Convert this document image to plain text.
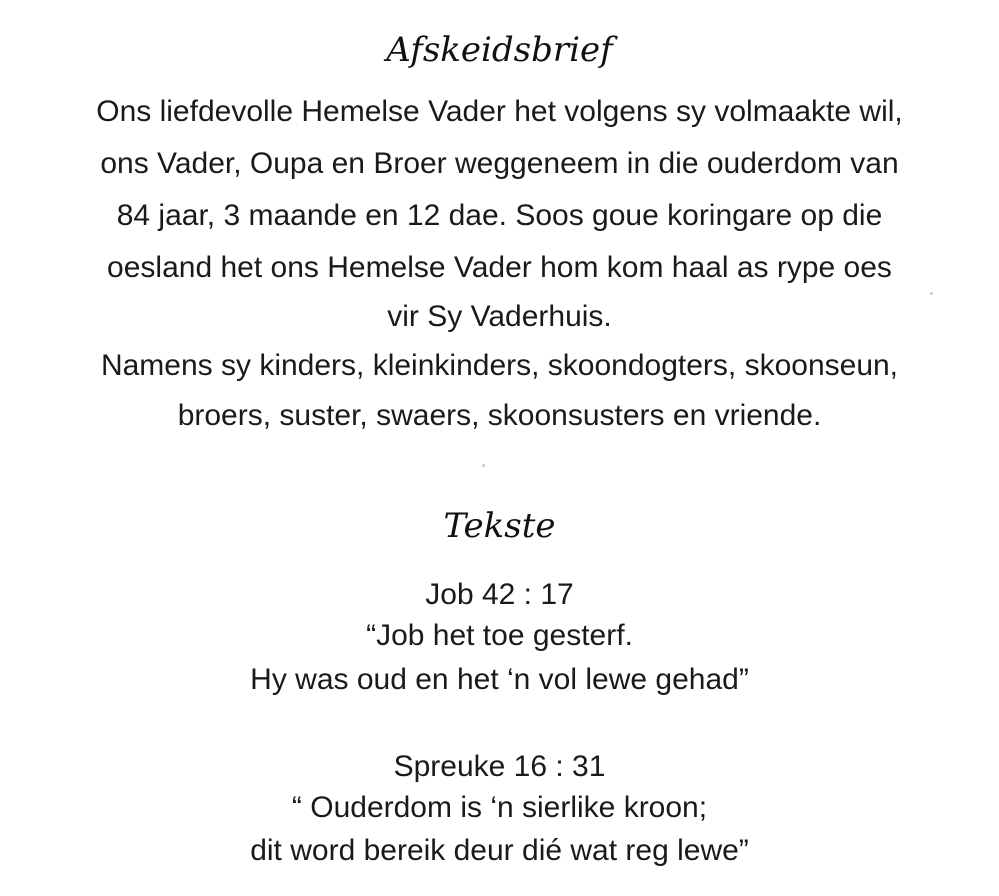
Afskeidsbrief
Ons liefdevolle Hemelse Vader het volgens sy volmaakte wil,
ons Vader, Oupa en Broer weggeneem in die ouderdom van
84 jaar, 3 maande en 12 dae. Soos goue koringare op die
oesland het ons Hemelse Vader hom kom haal as rype oes
vir Sy Vaderhuis.
Namens sy kinders, kleinkinders, skoondogters, skoonseun,
broers, suster, swaers, skoonsusters en vriende.
Tekste
Job 42 : 17
“Job het toe gesterf.
Hy was oud en het ‘n vol lewe gehad”
Spreuke 16 : 31
“ Ouderdom is ‘n sierlike kroon;
dit word bereik deur dié wat reg lewe”
